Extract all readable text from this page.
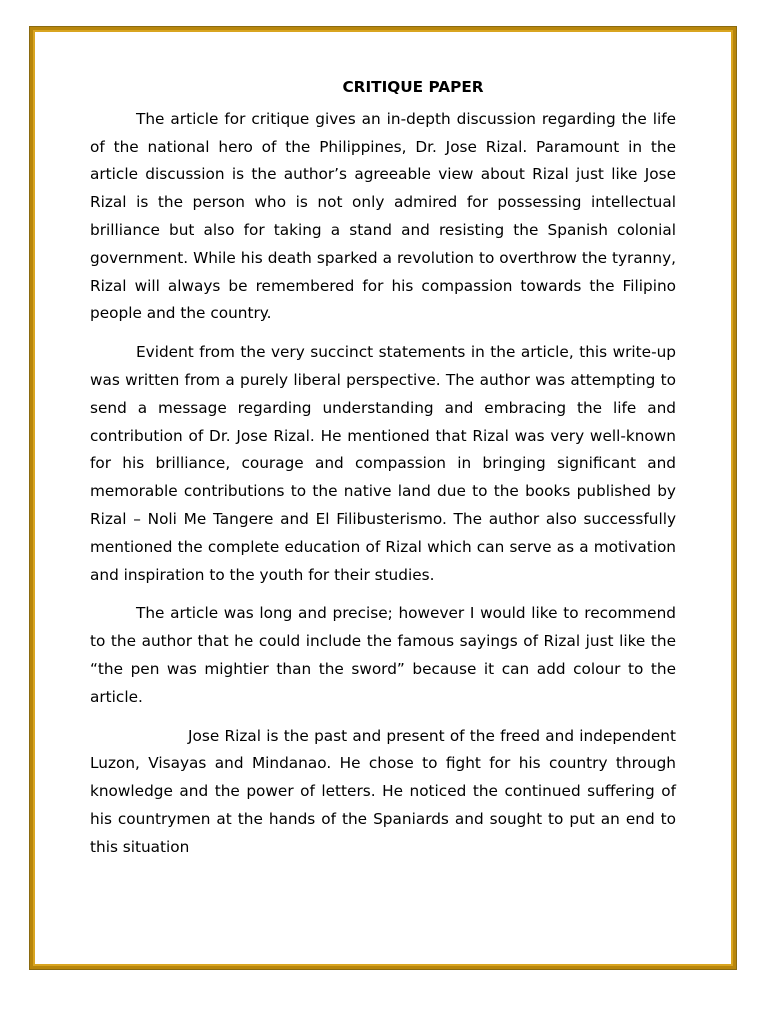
CRITIQUE PAPER

The article for critique gives an in-depth discussion regarding the life of the national hero of the Philippines, Dr. Jose Rizal. Paramount in the article discussion is the author’s agreeable view about Rizal just like Jose Rizal is the person who is not only admired for possessing intellectual brilliance but also for taking a stand and resisting the Spanish colonial government. While his death sparked a revolution to overthrow the tyranny, Rizal will always be remembered for his compassion towards the Filipino people and the country.

Evident from the very succinct statements in the article, this write-up was written from a purely liberal perspective. The author was attempting to send a message regarding understanding and embracing the life and contribution of Dr. Jose Rizal. He mentioned that Rizal was very well-known for his brilliance, courage and compassion in bringing significant and memorable contributions to the native land due to the books published by Rizal – Noli Me Tangere and El Filibusterismo. The author also successfully mentioned the complete education of Rizal which can serve as a motivation and inspiration to the youth for their studies.

The article was long and precise; however I would like to recommend to the author that he could include the famous sayings of Rizal just like the “the pen was mightier than the sword” because it can add colour to the article.

Jose Rizal is the past and present of the freed and independent Luzon, Visayas and Mindanao. He chose to fight for his country through knowledge and the power of letters. He noticed the continued suffering of his countrymen at the hands of the Spaniards and sought to put an end to this situation
